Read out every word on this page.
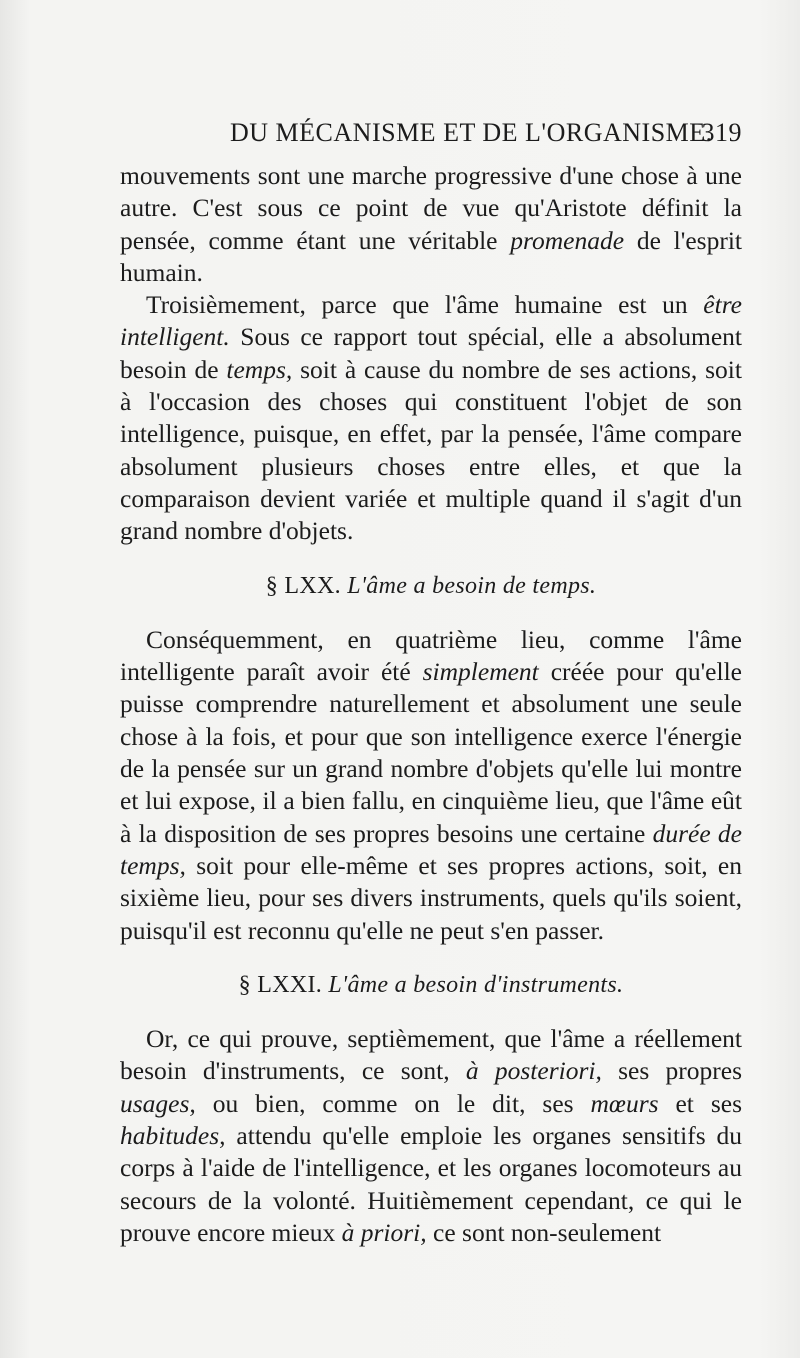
DU MÉCANISME ET DE L'ORGANISME.
319

mouvements sont une marche progressive d'une chose à une autre. C'est sous ce point de vue qu'Aristote définit la pensée, comme étant une véritable promenade de l'esprit humain.

Troisièmement, parce que l'âme humaine est un être intelligent. Sous ce rapport tout spécial, elle a absolument besoin de temps, soit à cause du nombre de ses actions, soit à l'occasion des choses qui constituent l'objet de son intelligence, puisque, en effet, par la pensée, l'âme compare absolument plusieurs choses entre elles, et que la comparaison devient variée et multiple quand il s'agit d'un grand nombre d'objets.

§ LXX. L'âme a besoin de temps.

Conséquemment, en quatrième lieu, comme l'âme intelligente paraît avoir été simplement créée pour qu'elle puisse comprendre naturellement et absolument une seule chose à la fois, et pour que son intelligence exerce l'énergie de la pensée sur un grand nombre d'objets qu'elle lui montre et lui expose, il a bien fallu, en cinquième lieu, que l'âme eût à la disposition de ses propres besoins une certaine durée de temps, soit pour elle-même et ses propres actions, soit, en sixième lieu, pour ses divers instruments, quels qu'ils soient, puisqu'il est reconnu qu'elle ne peut s'en passer.

§ LXXI. L'âme a besoin d'instruments.

Or, ce qui prouve, septièmement, que l'âme a réellement besoin d'instruments, ce sont, à posteriori, ses propres usages, ou bien, comme on le dit, ses mœurs et ses habitudes, attendu qu'elle emploie les organes sensitifs du corps à l'aide de l'intelligence, et les organes locomoteurs au secours de la volonté. Huitièmement cependant, ce qui le prouve encore mieux à priori, ce sont non-seulement
